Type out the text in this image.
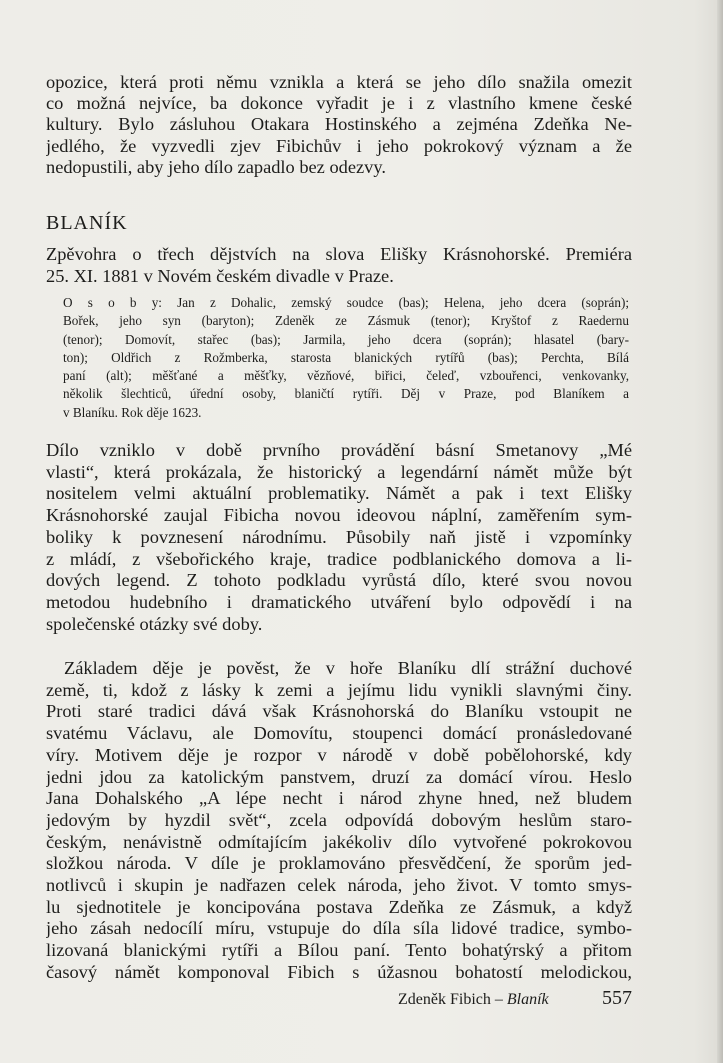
opozice, která proti němu vznikla a která se jeho dílo snažila omezit
co možná nejvíce, ba dokonce vyřadit je i z vlastního kmene české
kultury. Bylo zásluhou Otakara Hostinského a zejména Zdeňka Ne-
jedlého, že vyzvedli zjev Fibichův i jeho pokrokový význam a že
nedopustili, aby jeho dílo zapadlo bez odezvy.
BLANÍK
Zpěvohra o třech dějstvích na slova Elišky Krásnohorské. Premiéra
25. XI. 1881 v Novém českém divadle v Praze.
O s o b y: Jan z Dohalic, zemský soudce (bas); Helena, jeho dcera (soprán);
Bořek, jeho syn (baryton); Zdeněk ze Zásmuk (tenor); Kryštof z Raedernu
(tenor); Domovít, stařec (bas); Jarmila, jeho dcera (soprán); hlasatel (bary-
ton); Oldřich z Rožmberka, starosta blanických rytířů (bas); Perchta, Bílá
paní (alt); měšťané a měšťky, vězňové, biřici, čeleď, vzbouřenci, venkovanky,
několik šlechticů, úřední osoby, blaničtí rytíři. Děj v Praze, pod Blaníkem a
v Blaníku. Rok děje 1623.
Dílo vzniklo v době prvního provádění básní Smetanovy „Mé
vlasti“, která prokázala, že historický a legendární námět může být
nositelem velmi aktuální problematiky. Námět a pak i text Elišky
Krásnohorské zaujal Fibicha novou ideovou náplní, zaměřením sym-
boliky k povznesení národnímu. Působily naň jistě i vzpomínky
z mládí, z všebořického kraje, tradice podblanického domova a li-
dových legend. Z tohoto podkladu vyrůstá dílo, které svou novou
metodou hudebního i dramatického utváření bylo odpovědí i na
společenské otázky své doby.
Základem děje je pověst, že v hoře Blaníku dlí strážní duchové
země, ti, kdož z lásky k zemi a jejímu lidu vynikli slavnými činy.
Proti staré tradici dává však Krásnohorská do Blaníku vstoupit ne
svatému Václavu, ale Domovítu, stoupenci domácí pronásledované
víry. Motivem děje je rozpor v národě v době pobělohorské, kdy
jedni jdou za katolickým panstvem, druzí za domácí vírou. Heslo
Jana Dohalského „A lépe necht i národ zhyne hned, než bludem
jedovým by hyzdil svět“, zcela odpovídá dobovým heslům staro-
českým, nenávistně odmítajícím jakékoliv dílo vytvořené pokrokovou
složkou národa. V díle je proklamováno přesvědčení, že sporům jed-
notlivců i skupin je nadřazen celek národa, jeho život. V tomto smys-
lu sjednotitele je koncipována postava Zdeňka ze Zásmuk, a když
jeho zásah nedocílí míru, vstupuje do díla síla lidové tradice, symbo-
lizovaná blanickými rytíři a Bílou paní. Tento bohatýrský a přitom
časový námět komponoval Fibich s úžasnou bohatostí melodickou,
Zdeněk Fibich – Blaník	557
